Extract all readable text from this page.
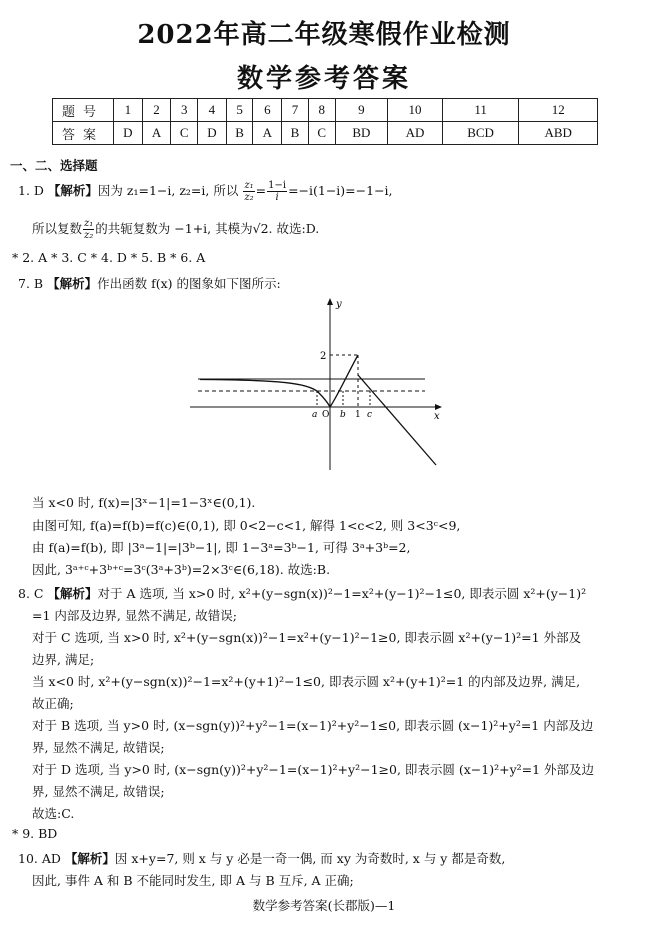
2022年高二年级寒假作业检测
数学参考答案
题号	1	2	3	4	5	6	7	8	9	10	11	12
答案	D	A	C	D	B	A	B	C	BD	AD	BCD	ABD
一、二、选择题
1. D 【解析】因为 z₁=1−i, z₂=i, 所以 $\frac{\text{z₁}}{\text{z₂}} = \frac{1-i}{i} =-i(1-i)=-1-i$,
所以复数 $\frac{\text{z₁}}{\text{z₂}}$ 的共轭复数为 −1+i, 其模为√2. 故选:D.
* 2. A * 3. C * 4. D * 5. B * 6. A
7. B 【解析】作出函数 f(x) 的图象如下图所示:
y
x
2
O
a	b 1 c
当 x<0 时, f(x)=|3ˣ−1|=1−3ˣ∈(0,1).
由图可知, f(a)=f(b)=f(c)∈(0,1), 即 0<2−c<1, 解得 1<c<2, 则 3<3ᶜ<9,
由 f(a)=f(b), 即 |3ᵃ−1|=|3ᵇ−1|, 即 1−3ᵃ=3ᵇ−1, 可得 3ᵃ+3ᵇ=2,
因此, 3ᵃ⁺ᶜ+3ᵇ⁺ᶜ=3ᶜ(3ᵃ+3ᵇ)=2×3ᶜ∈(6,18). 故选:B.
8. C 【解析】对于 A 选项, 当 x>0 时, x²+(y−sgn(x))²−1=x²+(y−1)²−1≤0, 即表示圆 x²+(y−1)²
=1 内部及边界, 显然不满足, 故错误;
对于 C 选项, 当 x>0 时, x²+(y−sgn(x))²−1=x²+(y−1)²−1≥0, 即表示圆 x²+(y−1)²=1 外部及
边界, 满足;
当 x<0 时, x²+(y−sgn(x))²−1=x²+(y+1)²−1≤0, 即表示圆 x²+(y+1)²=1 的内部及边界, 满足,
故正确;
对于 B 选项, 当 y>0 时, (x−sgn(y))²+y²−1=(x−1)²+y²−1≤0, 即表示圆 (x−1)²+y²=1 内部及边
界, 显然不满足, 故错误;
对于 D 选项, 当 y>0 时, (x−sgn(y))²+y²−1=(x−1)²+y²−1≥0, 即表示圆 (x−1)²+y²=1 外部及边
界, 显然不满足, 故错误;
故选:C.
* 9. BD
10. AD 【解析】因 x+y=7, 则 x 与 y 必是一奇一偶, 而 xy 为奇数时, x 与 y 都是奇数,
因此, 事件 A 和 B 不能同时发生, 即 A 与 B 互斥, A 正确;
数学参考答案(长郡版)—1
